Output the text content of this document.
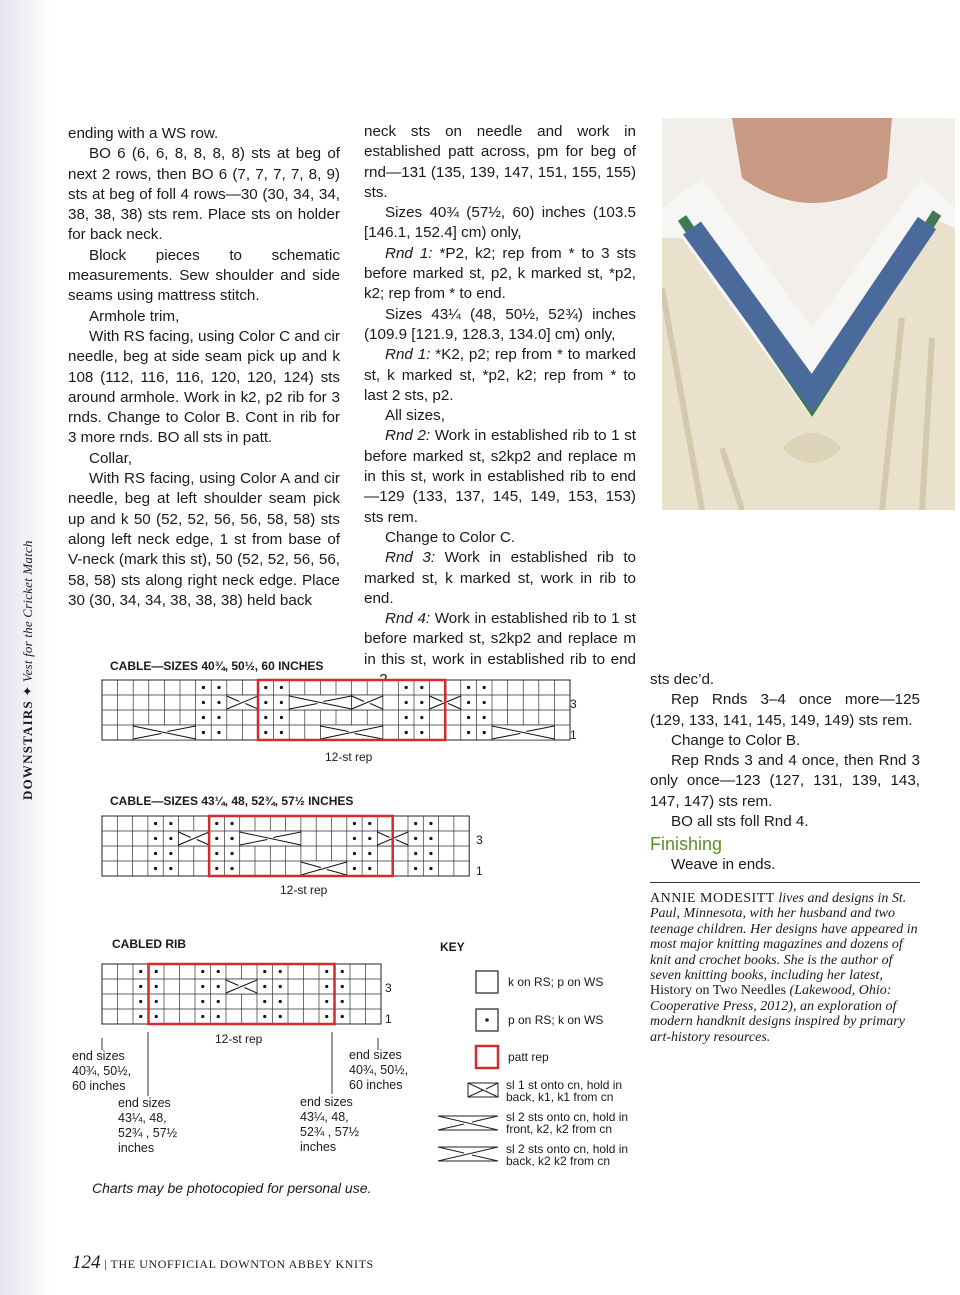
DOWNSTAIRS ✦ Vest for the Cricket Match

ending with a WS row.

BO 6 (6, 6, 8, 8, 8, 8) sts at beg of next 2 rows, then BO 6 (7, 7, 7, 7, 8, 9) sts at beg of foll 4 rows—30 (30, 34, 34, 38, 38, 38) sts rem. Place sts on holder for back neck.

Block pieces to schematic measurements. Sew shoulder and side seams using mattress stitch.

Armhole trim,

With RS facing, using Color C and cir needle, beg at side seam pick up and k 108 (112, 116, 116, 120, 120, 124) sts around armhole. Work in k2, p2 rib for 3 rnds. Change to Color B. Cont in rib for 3 more rnds. BO all sts in patt.

Collar,

With RS facing, using Color A and cir needle, beg at left shoulder seam pick up and k 50 (52, 52, 56, 56, 58, 58) sts along left neck edge, 1 st from base of V-neck (mark this st), 50 (52, 52, 56, 56, 58, 58) sts along right neck edge. Place 30 (30, 34, 34, 38, 38, 38) held back

neck sts on needle and work in established patt across, pm for beg of rnd—131 (135, 139, 147, 151, 155, 155) sts.

Sizes 40¾ (57½, 60) inches (103.5 [146.1, 152.4] cm) only,

Rnd 1: *P2, k2; rep from * to 3 sts before marked st, p2, k marked st, *p2, k2; rep from * to end.

Sizes 43¼ (48, 50½, 52¾) inches (109.9 [121.9, 128.3, 134.0] cm) only,

Rnd 1: *K2, p2; rep from * to marked st, k marked st, *p2, k2; rep from * to last 2 sts, p2.

All sizes,

Rnd 2: Work in established rib to 1 st before marked st, s2kp2 and replace m in this st, work in established rib to end—129 (133, 137, 145, 149, 153, 153) sts rem.

Change to Color C.

Rnd 3: Work in established rib to marked st, k marked st, work in rib to end.

Rnd 4: Work in established rib to 1 st before marked st, s2kp2 and replace m in this st, work in established rib to end

sts dec’d.

Rep Rnds 3–4 once more—125 (129, 133, 141, 145, 149, 149) sts rem.

Change to Color B.

Rep Rnds 3 and 4 once, then Rnd 3 only once—123 (127, 131, 139, 143, 147, 147) sts rem.

BO all sts foll Rnd 4.

Finishing

Weave in ends.

ANNIE MODESITT lives and designs in St. Paul, Minnesota, with her husband and two teenage children. Her designs have appeared in most major knitting magazines and dozens of knit and crochet books. She is the author of seven knitting books, including her latest, History on Two Needles (Lakewood, Ohio: Cooperative Press, 2012), an exploration of modern handknit designs inspired by primary art-history resources.
CABLE—SIZES 40¾, 50½, 60 INCHES
3
1
12-st rep
CABLE—SIZES 43¼, 48, 52¾, 57½ INCHES
3
1
12-st rep
CABLED RIB
3
1
12-st rep
end sizes
40¾, 50½,
60 inches
end sizes
43¼, 48,
52¾ , 57½
inches
end sizes
40¾, 50½,
60 inches
end sizes
43¼, 48,
52¾ , 57½
inches
KEY
k on RS; p on WS
p on RS; k on WS
patt rep
sl 1 st onto cn, hold in
back, k1, k1 from cn
sl 2 sts onto cn, hold in
front, k2, k2 from cn
sl 2 sts onto cn, hold in
back, k2 k2 from cn
Charts may be photocopied for personal use.
124 | THE UNOFFICIAL DOWNTON ABBEY KNITS
